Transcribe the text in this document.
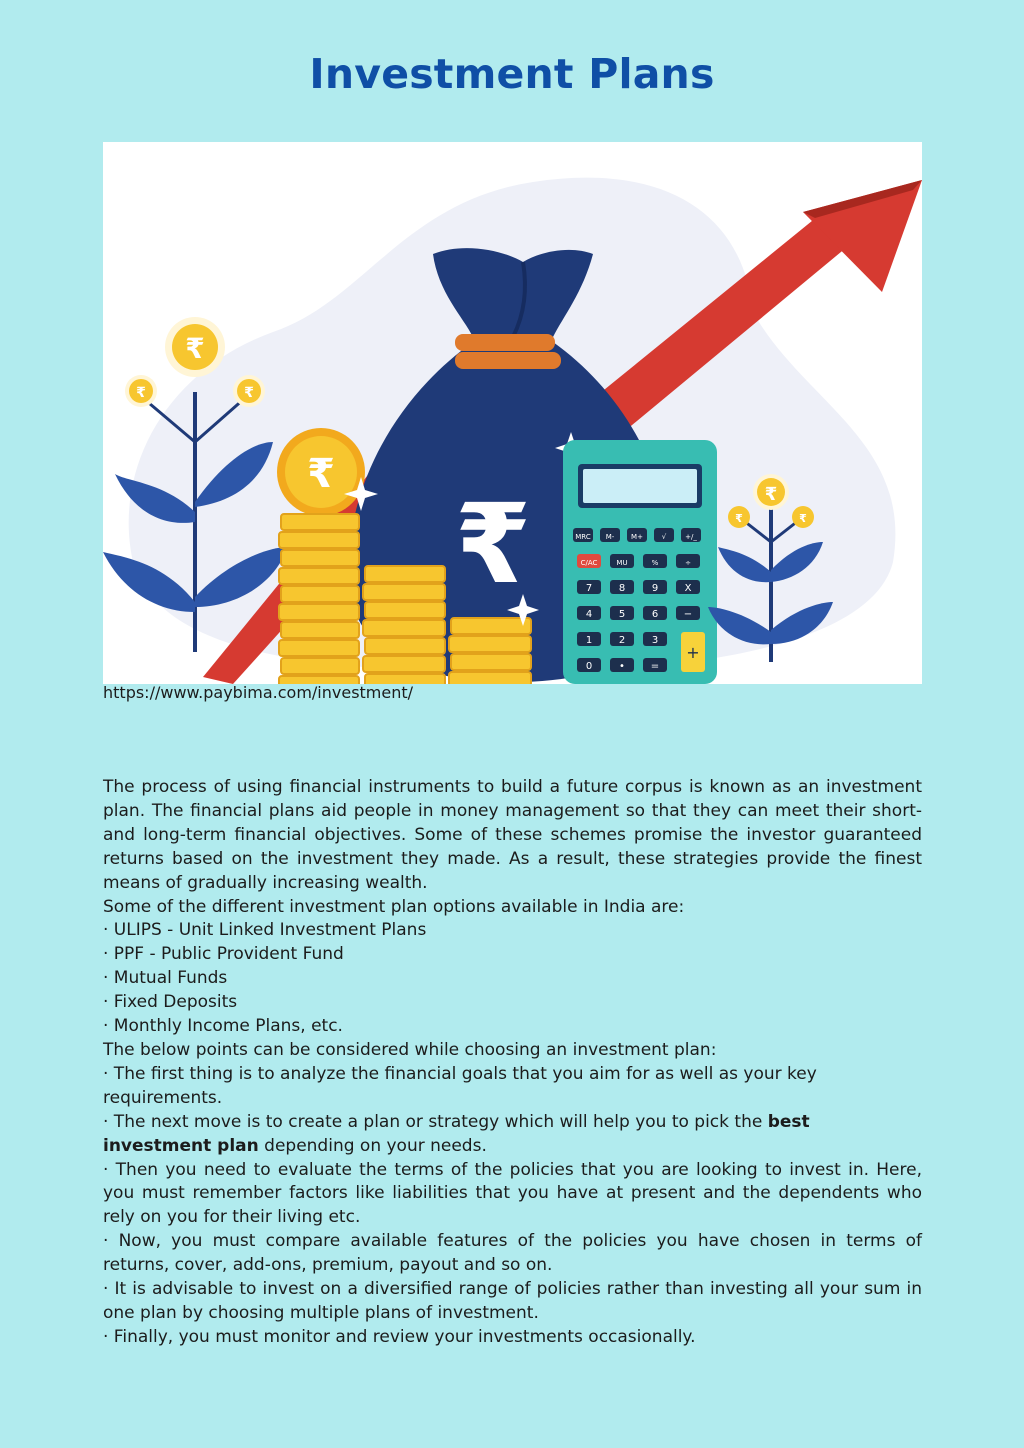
Investment Plans
₹
₹
₹	₹
₹
MRC M- M+	√	+/_
C/AC	MU	%	÷
7	8	9	X
4	5	6	−
1	2	3
0	•	=
+
₹
₹	₹
https://www.paybima.com/investment/

The process of using financial instruments to build a future corpus is known as an investment plan. The financial plans aid people in money management so that they can meet their short- and long-term financial objectives. Some of these schemes promise the investor guaranteed returns based on the investment they made. As a result, these strategies provide the finest means of gradually increasing wealth.

Some of the different investment plan options available in India are:

· ULIPS - Unit Linked Investment Plans

· PPF - Public Provident Fund

· Mutual Funds

· Fixed Deposits

· Monthly Income Plans, etc.

The below points can be considered while choosing an investment plan:

· The first thing is to analyze the financial goals that you aim for as well as your key requirements.

· The next move is to create a plan or strategy which will help you to pick the best investment plan depending on your needs.

· Then you need to evaluate the terms of the policies that you are looking to invest in. Here, you must remember factors like liabilities that you have at present and the dependents who rely on you for their living etc.

· Now, you must compare available features of the policies you have chosen in terms of returns, cover, add-ons, premium, payout and so on.

· It is advisable to invest on a diversified range of policies rather than investing all your sum in one plan by choosing multiple plans of investment.

· Finally, you must monitor and review your investments occasionally.
